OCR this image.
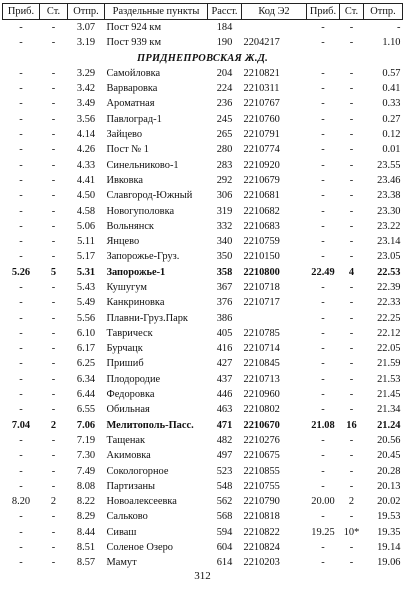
Приб.	Ст.	Отпр.	Раздельные пункты	Расст.	Код Э2	Приб.	Ст.	Отпр.
-	-	3.07	Пост 924 км	184		-	-	-
-	-	3.19	Пост 939 км	190	2204217	-	-	1.10
ПРИДНЕПРОВСКАЯ Ж.Д.								
-	-	3.29	Самойловка	204	2210821	-	-	0.57
-	-	3.42	Варваровка	224	2210311	-	-	0.41
-	-	3.49	Ароматная	236	2210767	-	-	0.33
-	-	3.56	Павлоград-1	245	2210760	-	-	0.27
-	-	4.14	Зайцево	265	2210791	-	-	0.12
-	-	4.26	Пост № 1	280	2210774	-	-	0.01
-	-	4.33	Синельниково-1	283	2210920	-	-	23.55
-	-	4.41	Ивковка	292	2210679	-	-	23.46
-	-	4.50	Славгород-Южный	306	2210681	-	-	23.38
-	-	4.58	Новогуполовка	319	2210682	-	-	23.30
-	-	5.06	Вольнянск	332	2210683	-	-	23.22
-	-	5.11	Янцево	340	2210759	-	-	23.14
-	-	5.17	Запорожье-Груз.	350	2210150	-	-	23.05
5.26	5	5.31	Запорожье-1	358	2210800	22.49	4	22.53
-	-	5.43	Кушугум	367	2210718	-	-	22.39
-	-	5.49	Канкриновка	376	2210717	-	-	22.33
-	-	5.56	Плавни-Груз.Парк	386		-	-	22.25
-	-	6.10	Таврическ	405	2210785	-	-	22.12
-	-	6.17	Бурчацк	416	2210714	-	-	22.05
-	-	6.25	Пришиб	427	2210845	-	-	21.59
-	-	6.34	Плодородие	437	2210713	-	-	21.53
-	-	6.44	Федоровка	446	2210960	-	-	21.45
-	-	6.55	Обильная	463	2210802	-	-	21.34
7.04	2	7.06	Мелитополь-Пасс.	471	2210670	21.08	16	21.24
-	-	7.19	Тащенак	482	2210276	-	-	20.56
-	-	7.30	Акимовка	497	2210675	-	-	20.45
-	-	7.49	Сокологорное	523	2210855	-	-	20.28
-	-	8.08	Партизаны	548	2210755	-	-	20.13
8.20	2	8.22	Новоалексеевка	562	2210790	20.00	2	20.02
-	-	8.29	Сальково	568	2210818	-	-	19.53
-	-	8.44	Сиваш	594	2210822	19.25	10*	19.35
-	-	8.51	Соленое Озеро	604	2210824	-	-	19.14
-	-	8.57	Мамут	614	2210203	-	-	19.06
312
